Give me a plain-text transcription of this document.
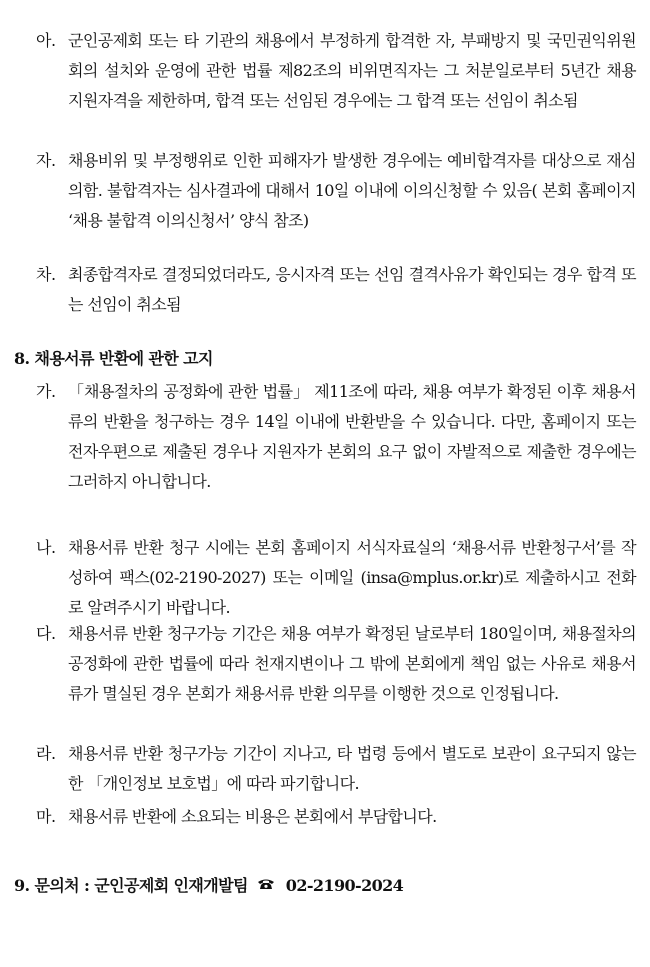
아. 군인공제회 또는 타 기관의 채용에서 부정하게 합격한 자, 부패방지 및 국민권익위원회의 설치와 운영에 관한 법률 제82조의 비위면직자는 그 처분일로부터 5년간 채용 지원자격을 제한하며, 합격 또는 선임된 경우에는 그 합격 또는 선임이 취소됨
자. 채용비위 및 부정행위로 인한 피해자가 발생한 경우에는 예비합격자를 대상으로 재심의함. 불합격자는 심사결과에 대해서 10일 이내에 이의신청할 수 있음( 본회 홈페이지 ‘채용 불합격 이의신청서’ 양식 참조)
차. 최종합격자로 결정되었더라도, 응시자격 또는 선임 결격사유가 확인되는 경우 합격 또는 선임이 취소됨
8. 채용서류 반환에 관한 고지
가. 「채용절차의 공정화에 관한 법률」 제11조에 따라, 채용 여부가 확정된 이후 채용서류의 반환을 청구하는 경우 14일 이내에 반환받을 수 있습니다. 다만, 홈페이지 또는 전자우편으로 제출된 경우나 지원자가 본회의 요구 없이 자발적으로 제출한 경우에는 그러하지 아니합니다.
나. 채용서류 반환 청구 시에는 본회 홈페이지 서식자료실의 ‘채용서류 반환청구서’를 작성하여 팩스(02-2190-2027) 또는 이메일 (insa@mplus.or.kr)로 제출하시고 전화로 알려주시기 바랍니다.
다. 채용서류 반환 청구가능 기간은 채용 여부가 확정된 날로부터 180일이며, 채용절차의 공정화에 관한 법률에 따라 천재지변이나 그 밖에 본회에게 책임 없는 사유로 채용서류가 멸실된 경우 본회가 채용서류 반환 의무를 이행한 것으로 인정됩니다.
라. 채용서류 반환 청구가능 기간이 지나고, 타 법령 등에서 별도로 보관이 요구되지 않는 한 「개인정보 보호법」에 따라 파기합니다.
마. 채용서류 반환에 소요되는 비용은 본회에서 부담합니다.
9. 문의처 : 군인공제회 인재개발팀 02-2190-2024
